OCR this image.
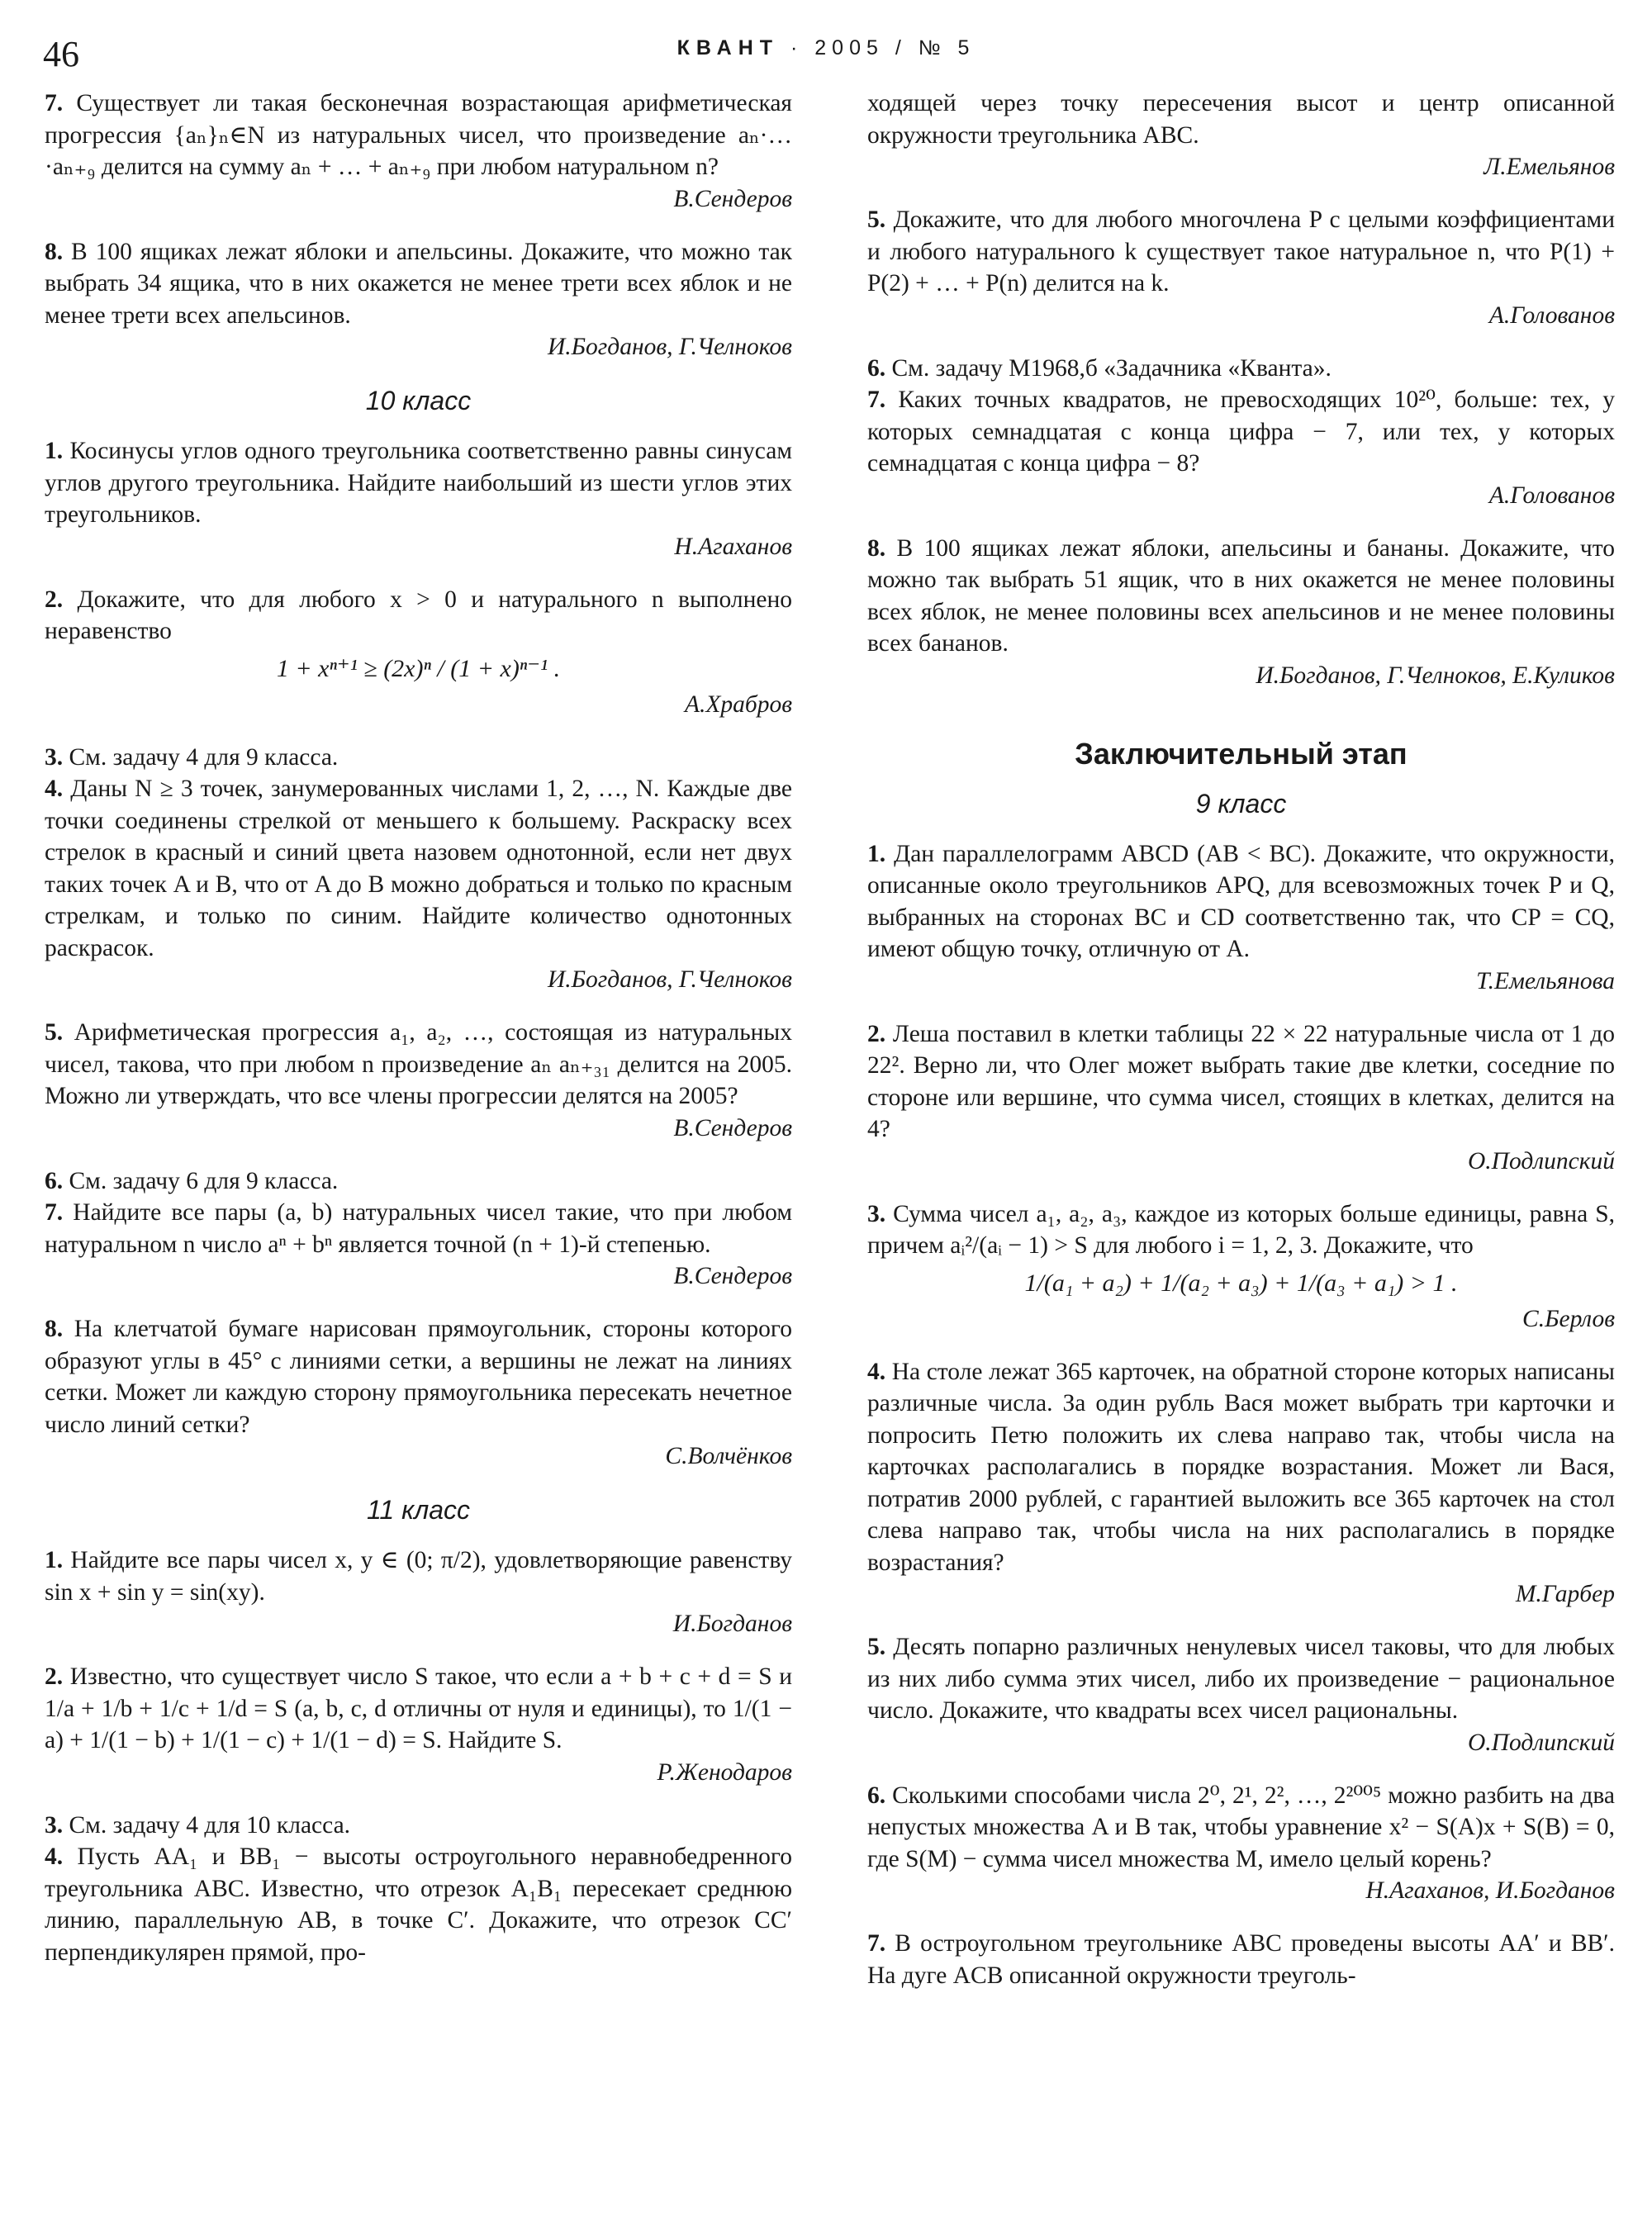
46	КВАНТ · 2005 / № 5

7. Существует ли такая бесконечная возрастающая арифметическая прогрессия {aₙ}ₙ∈N из натуральных чисел, что произведение aₙ·…·aₙ₊₉ делится на сумму aₙ + … + aₙ₊₉ при любом натуральном n?

В.Сендеров

8. В 100 ящиках лежат яблоки и апельсины. Докажите, что можно так выбрать 34 ящика, что в них окажется не менее трети всех яблок и не менее трети всех апельсинов.

И.Богданов, Г.Челноков

10 класс

1. Косинусы углов одного треугольника соответственно равны синусам углов другого треугольника. Найдите наибольший из шести углов этих треугольников.

Н.Агаханов

2. Докажите, что для любого x > 0 и натурального n выполнено неравенство

1 + xⁿ⁺¹ ≥ (2x)ⁿ / (1 + x)ⁿ⁻¹ .

А.Храбров

3. См. задачу 4 для 9 класса.

4. Даны N ≥ 3 точек, занумерованных числами 1, 2, …, N. Каждые две точки соединены стрелкой от меньшего к большему. Раскраску всех стрелок в красный и синий цвета назовем однотонной, если нет двух таких точек A и B, что от A до B можно добраться и только по красным стрелкам, и только по синим. Найдите количество однотонных раскрасок.

И.Богданов, Г.Челноков

5. Арифметическая прогрессия a₁, a₂, …, состоящая из натуральных чисел, такова, что при любом n произведение aₙ aₙ₊₃₁ делится на 2005. Можно ли утверждать, что все члены прогрессии делятся на 2005?

В.Сендеров

6. См. задачу 6 для 9 класса.

7. Найдите все пары (a, b) натуральных чисел такие, что при любом натуральном n число aⁿ + bⁿ является точной (n + 1)-й степенью.

В.Сендеров

8. На клетчатой бумаге нарисован прямоугольник, стороны которого образуют углы в 45° с линиями сетки, а вершины не лежат на линиях сетки. Может ли каждую сторону прямоугольника пересекать нечетное число линий сетки?

С.Волчёнков

11 класс

1. Найдите все пары чисел x, y ∈ (0; π/2), удовлетворяющие равенству sin x + sin y = sin(xy).

И.Богданов

2. Известно, что существует число S такое, что если a + b + c + d = S и 1/a + 1/b + 1/c + 1/d = S (a, b, c, d отличны от нуля и единицы), то 1/(1 − a) + 1/(1 − b) + 1/(1 − c) + 1/(1 − d) = S. Найдите S.

Р.Женодаров

3. См. задачу 4 для 10 класса.

4. Пусть AA₁ и BB₁ − высоты остроугольного неравнобедренного треугольника ABC. Известно, что отрезок A₁B₁ пересекает среднюю линию, параллельную AB, в точке C′. Докажите, что отрезок CC′ перпендикулярен прямой, про-

ходящей через точку пересечения высот и центр описанной окружности треугольника ABC.

Л.Емельянов

5. Докажите, что для любого многочлена P с целыми коэффициентами и любого натурального k существует такое натуральное n, что P(1) + P(2) + … + P(n) делится на k.

А.Голованов

6. См. задачу М1968,б «Задачника «Кванта».

7. Каких точных квадратов, не превосходящих 10²⁰, больше: тех, у которых семнадцатая с конца цифра − 7, или тех, у которых семнадцатая с конца цифра − 8?

А.Голованов

8. В 100 ящиках лежат яблоки, апельсины и бананы. Докажите, что можно так выбрать 51 ящик, что в них окажется не менее половины всех яблок, не менее половины всех апельсинов и не менее половины всех бананов.

И.Богданов, Г.Челноков, Е.Куликов

Заключительный этап

9 класс

1. Дан параллелограмм ABCD (AB < BC). Докажите, что окружности, описанные около треугольников APQ, для всевозможных точек P и Q, выбранных на сторонах BC и CD соответственно так, что CP = CQ, имеют общую точку, отличную от A.

Т.Емельянова

2. Леша поставил в клетки таблицы 22 × 22 натуральные числа от 1 до 22². Верно ли, что Олег может выбрать такие две клетки, соседние по стороне или вершине, что сумма чисел, стоящих в клетках, делится на 4?

О.Подлипский

3. Сумма чисел a₁, a₂, a₃, каждое из которых больше единицы, равна S, причем aᵢ²/(aᵢ − 1) > S для любого i = 1, 2, 3. Докажите, что

1/(a₁ + a₂) + 1/(a₂ + a₃) + 1/(a₃ + a₁) > 1 .

С.Берлов

4. На столе лежат 365 карточек, на обратной стороне которых написаны различные числа. За один рубль Вася может выбрать три карточки и попросить Петю положить их слева направо так, чтобы числа на карточках располагались в порядке возрастания. Может ли Вася, потратив 2000 рублей, с гарантией выложить все 365 карточек на стол слева направо так, чтобы числа на них располагались в порядке возрастания?

М.Гарбер

5. Десять попарно различных ненулевых чисел таковы, что для любых из них либо сумма этих чисел, либо их произведение − рациональное число. Докажите, что квадраты всех чисел рациональны.

О.Подлипский

6. Сколькими способами числа 2⁰, 2¹, 2², …, 2²⁰⁰⁵ можно разбить на два непустых множества A и B так, чтобы уравнение x² − S(A)x + S(B) = 0, где S(M) − сумма чисел множества M, имело целый корень?

Н.Агаханов, И.Богданов

7. В остроугольном треугольнике ABC проведены высоты AA′ и BB′. На дуге ACB описанной окружности треуголь-
